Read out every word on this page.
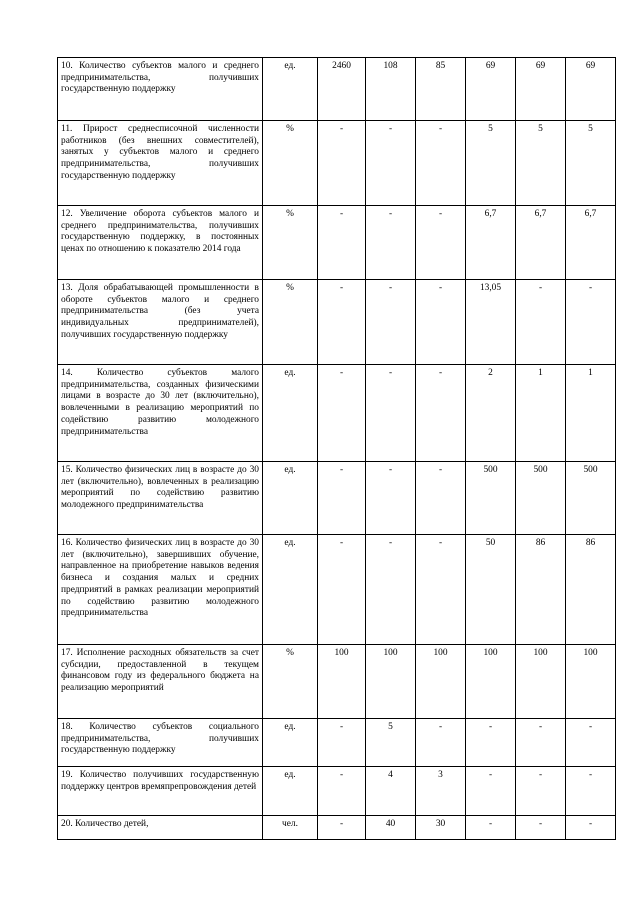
10. Количество субъектов малого и среднего предпринимательства, получивших государственную поддержку	ед.	2460	108	85	69	69	69
11. Прирост среднесписочной численности работников (без внешних совместителей), занятых у субъектов малого и среднего предпринимательства, получивших государственную поддержку	%	-	-	-	5	5	5
12. Увеличение оборота субъектов малого и среднего предпринимательства, получивших государственную поддержку, в постоянных ценах по отношению к показателю 2014 года	%	-	-	-	6,7	6,7	6,7
13. Доля обрабатывающей промышленности в обороте субъектов малого и среднего предпринимательства (без учета индивидуальных предпринимателей), получивших государственную поддержку	%	-	-	-	13,05	-	-
14. Количество субъектов малого предпринимательства, созданных физическими лицами в возрасте до 30 лет (включительно), вовлеченными в реализацию мероприятий по содействию развитию молодежного предпринимательства	ед.	-	-	-	2	1	1
15. Количество физических лиц в возрасте до 30 лет (включительно), вовлеченных в реализацию мероприятий по содействию развитию молодежного предпринимательства	ед.	-	-	-	500	500	500
16. Количество физических лиц в возрасте до 30 лет (включительно), завершивших обучение, направленное на приобретение навыков ведения бизнеса и создания малых и средних предприятий в рамках реализации мероприятий по содействию развитию молодежного предпринимательства	ед.	-	-	-	50	86	86
17. Исполнение расходных обязательств за счет субсидии, предоставленной в текущем финансовом году из федерального бюджета на реализацию мероприятий	%	100	100	100	100	100	100
18. Количество субъектов социального предпринимательства, получивших государственную поддержку	ед.	-	5	-	-	-	-
19. Количество получивших государственную поддержку центров времяпрепровождения детей	ед.	-	4	3	-	-	-
20. Количество детей,	чел.	-	40	30	-	-	-
